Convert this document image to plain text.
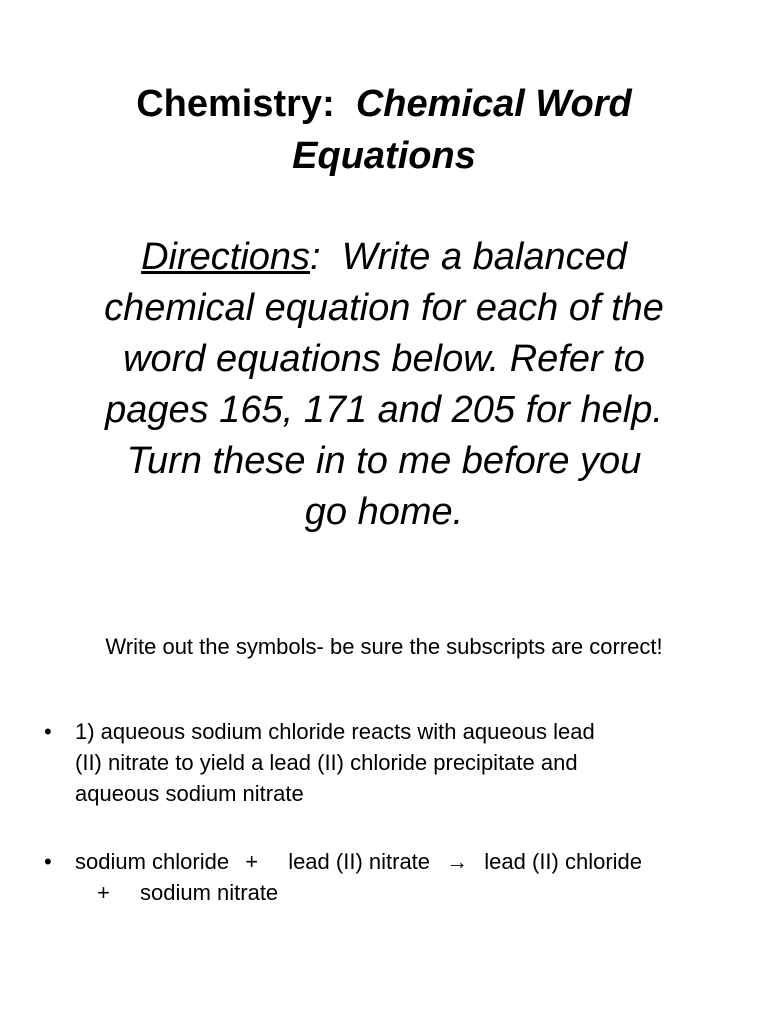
Chemistry: Chemical Word
Equations
Directions:  Write a balanced
chemical equation for each of the
word equations below. Refer to
pages 165, 171 and 205 for help.
Turn these in to me before you
go home.
Write out the symbols- be sure the subscripts are correct!
• 1) aqueous sodium chloride reacts with aqueous lead
(II) nitrate to yield a lead (II) chloride precipitate and
aqueous sodium nitrate
• sodium chloride + lead (II) nitrate → lead (II) chloride
+ sodium nitrate
